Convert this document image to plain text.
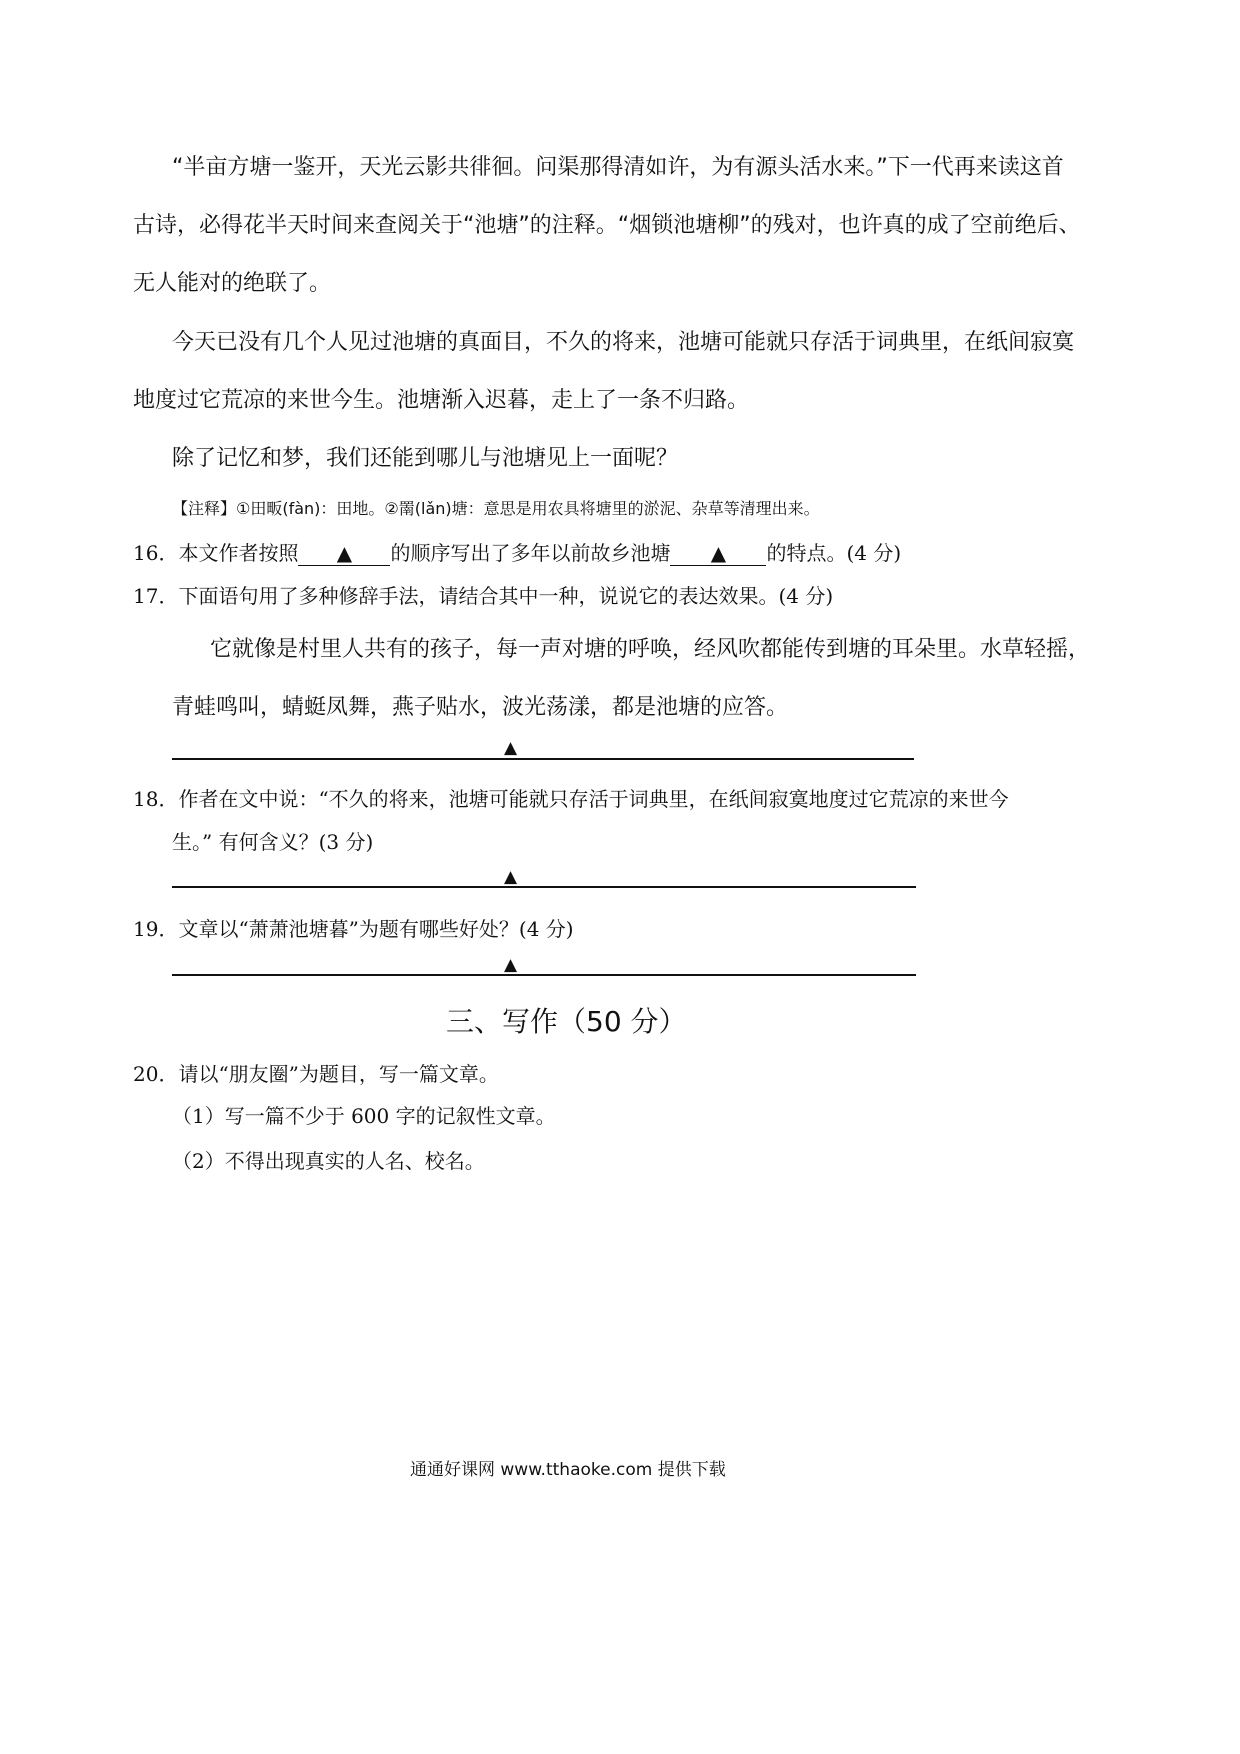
“半亩方塘一鉴开，天光云影共徘徊。问渠那得清如许，为有源头活水来。”下一代再来读这首
古诗，必得花半天时间来查阅关于“池塘”的注释。“烟锁池塘柳”的残对，也许真的成了空前绝后、
无人能对的绝联了。
今天已没有几个人见过池塘的真面目，不久的将来，池塘可能就只存活于词典里，在纸间寂寞
地度过它荒凉的来世今生。池塘渐入迟暮，走上了一条不归路。
除了记忆和梦，我们还能到哪儿与池塘见上一面呢？
【注释】①田畈(fàn)：田地。②罱(lǎn)塘：意思是用农具将塘里的淤泥、杂草等清理出来。
16．本文作者按照 ▲ 的顺序写出了多年以前故乡池塘 ▲ 的特点。(4 分)
17．下面语句用了多种修辞手法，请结合其中一种，说说它的表达效果。(4 分)
它就像是村里人共有的孩子，每一声对塘的呼唤，经风吹都能传到塘的耳朵里。水草轻摇，
青蛙鸣叫，蜻蜓凤舞，燕子贴水，波光荡漾，都是池塘的应答。
▲
18．作者在文中说：“不久的将来，池塘可能就只存活于词典里，在纸间寂寞地度过它荒凉的来世今
生。” 有何含义？(3 分)
▲
19．文章以“萧萧池塘暮”为题有哪些好处？(4 分)
▲
三、写作（50 分）
20．请以“朋友圈”为题目，写一篇文章。
（1）写一篇不少于 600 字的记叙性文章。
（2）不得出现真实的人名、校名。
通通好课网 www.tthaoke.com 提供下载
